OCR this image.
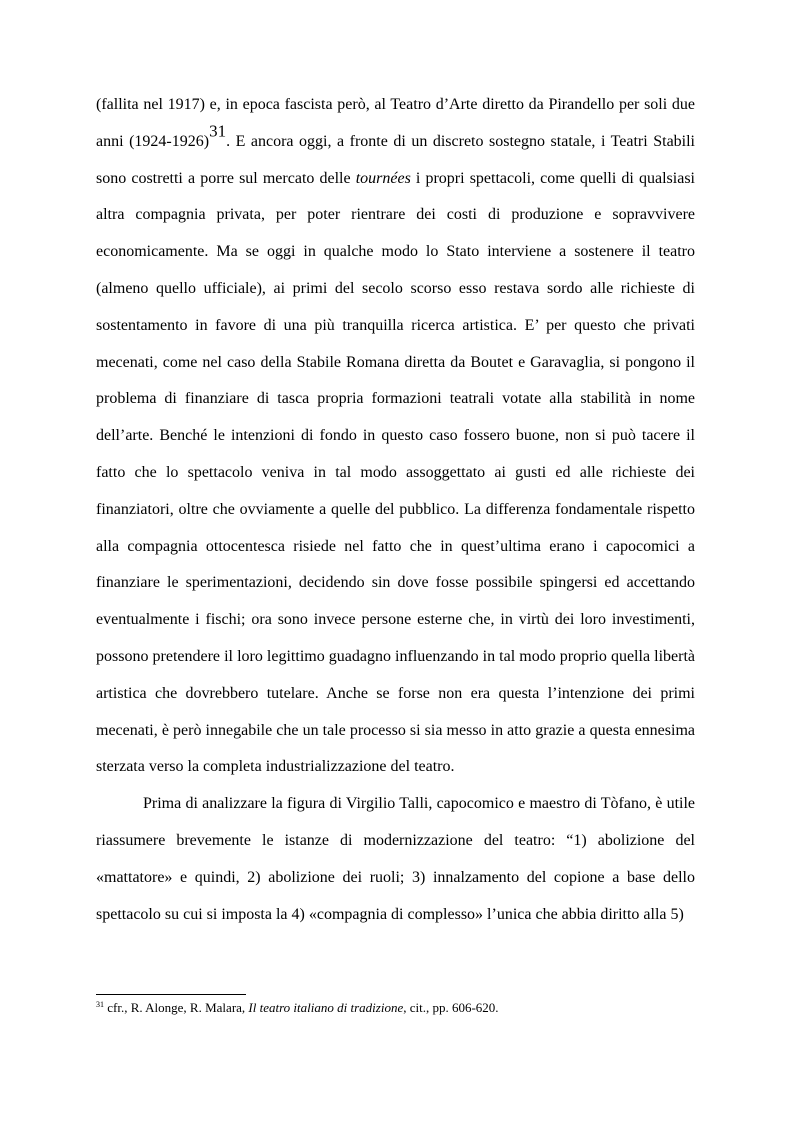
(fallita nel 1917) e, in epoca fascista però, al Teatro d’Arte diretto da Pirandello per soli due anni (1924-1926)31. E ancora oggi, a fronte di un discreto sostegno statale, i Teatri Stabili sono costretti a porre sul mercato delle tournées i propri spettacoli, come quelli di qualsiasi altra compagnia privata, per poter rientrare dei costi di produzione e sopravvivere economicamente. Ma se oggi in qualche modo lo Stato interviene a sostenere il teatro (almeno quello ufficiale), ai primi del secolo scorso esso restava sordo alle richieste di sostentamento in favore di una più tranquilla ricerca artistica. E’ per questo che privati mecenati, come nel caso della Stabile Romana diretta da Boutet e Garavaglia, si pongono il problema di finanziare di tasca propria formazioni teatrali votate alla stabilità in nome dell’arte. Benché le intenzioni di fondo in questo caso fossero buone, non si può tacere il fatto che lo spettacolo veniva in tal modo assoggettato ai gusti ed alle richieste dei finanziatori, oltre che ovviamente a quelle del pubblico. La differenza fondamentale rispetto alla compagnia ottocentesca risiede nel fatto che in quest’ultima erano i capocomici a finanziare le sperimentazioni, decidendo sin dove fosse possibile spingersi ed accettando eventualmente i fischi; ora sono invece persone esterne che, in virtù dei loro investimenti, possono pretendere il loro legittimo guadagno influenzando in tal modo proprio quella libertà artistica che dovrebbero tutelare. Anche se forse non era questa l’intenzione dei primi mecenati, è però innegabile che un tale processo si sia messo in atto grazie a questa ennesima sterzata verso la completa industrializzazione del teatro.

Prima di analizzare la figura di Virgilio Talli, capocomico e maestro di Tòfano, è utile riassumere brevemente le istanze di modernizzazione del teatro: “1) abolizione del «mattatore» e quindi, 2) abolizione dei ruoli; 3) innalzamento del copione a base dello spettacolo su cui si imposta la 4) «compagnia di complesso» l’unica che abbia diritto alla 5)

$^{31}$ cfr., R. Alonge, R. Malara, Il teatro italiano di tradizione, cit., pp. 606-620.
